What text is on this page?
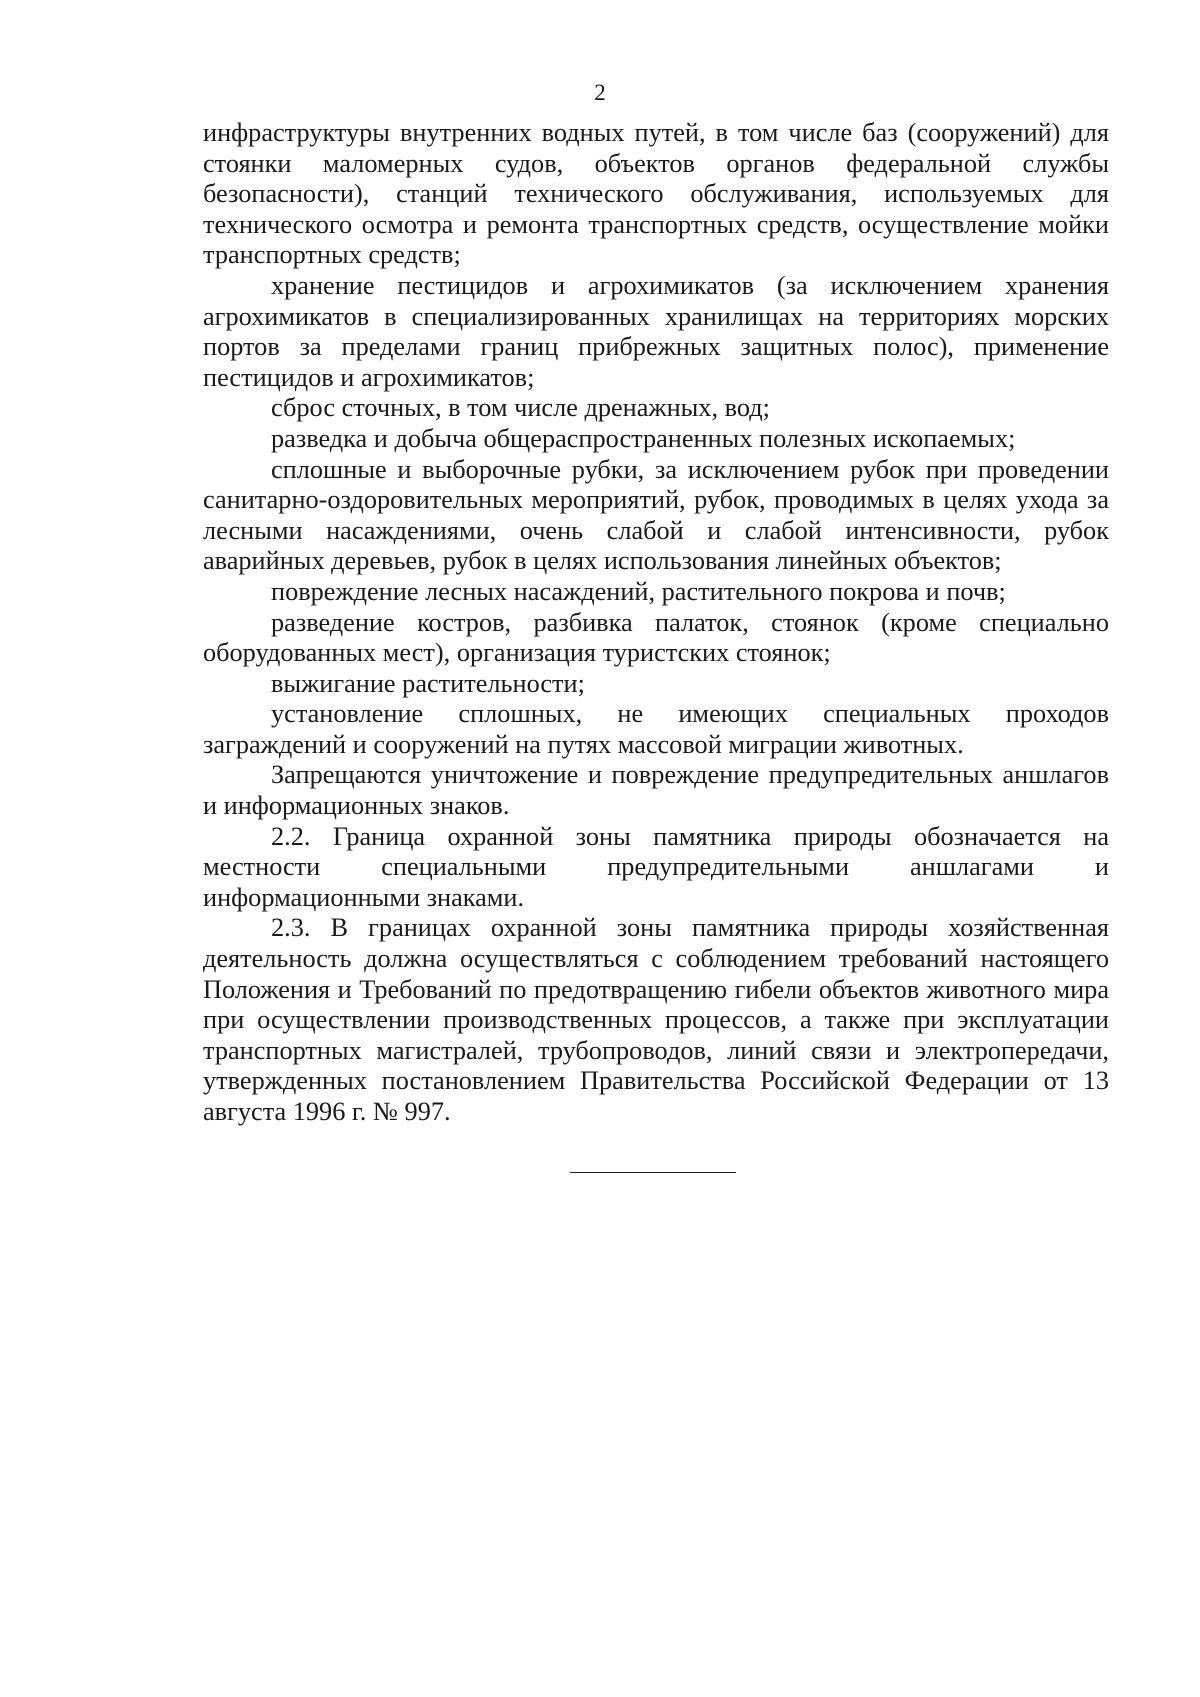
2

инфраструктуры внутренних водных путей, в том числе баз (сооружений) для стоянки маломерных судов, объектов органов федеральной службы безопасности), станций технического обслуживания, используемых для технического осмотра и ремонта транспортных средств, осуществление мойки транспортных средств;

хранение пестицидов и агрохимикатов (за исключением хранения агрохимикатов в специализированных хранилищах на территориях морских портов за пределами границ прибрежных защитных полос), применение пестицидов и агрохимикатов;

сброс сточных, в том числе дренажных, вод;

разведка и добыча общераспространенных полезных ископаемых;

сплошные и выборочные рубки, за исключением рубок при проведении санитарно-оздоровительных мероприятий, рубок, проводимых в целях ухода за лесными насаждениями, очень слабой и слабой интенсивности, рубок аварийных деревьев, рубок в целях использования линейных объектов;

повреждение лесных насаждений, растительного покрова и почв;

разведение костров, разбивка палаток, стоянок (кроме специально оборудованных мест), организация туристских стоянок;

выжигание растительности;

установление сплошных, не имеющих специальных проходов заграждений и сооружений на путях массовой миграции животных.

Запрещаются уничтожение и повреждение предупредительных аншлагов и информационных знаков.

2.2. Граница охранной зоны памятника природы обозначается на местности специальными предупредительными аншлагами и информационными знаками.

2.3. В границах охранной зоны памятника природы хозяйственная деятельность должна осуществляться с соблюдением требований настоящего Положения и Требований по предотвращению гибели объектов животного мира при осуществлении производственных процессов, а также при эксплуатации транспортных магистралей, трубопроводов, линий связи и электропередачи, утвержденных постановлением Правительства Российской Федерации от 13 августа 1996 г. № 997.
